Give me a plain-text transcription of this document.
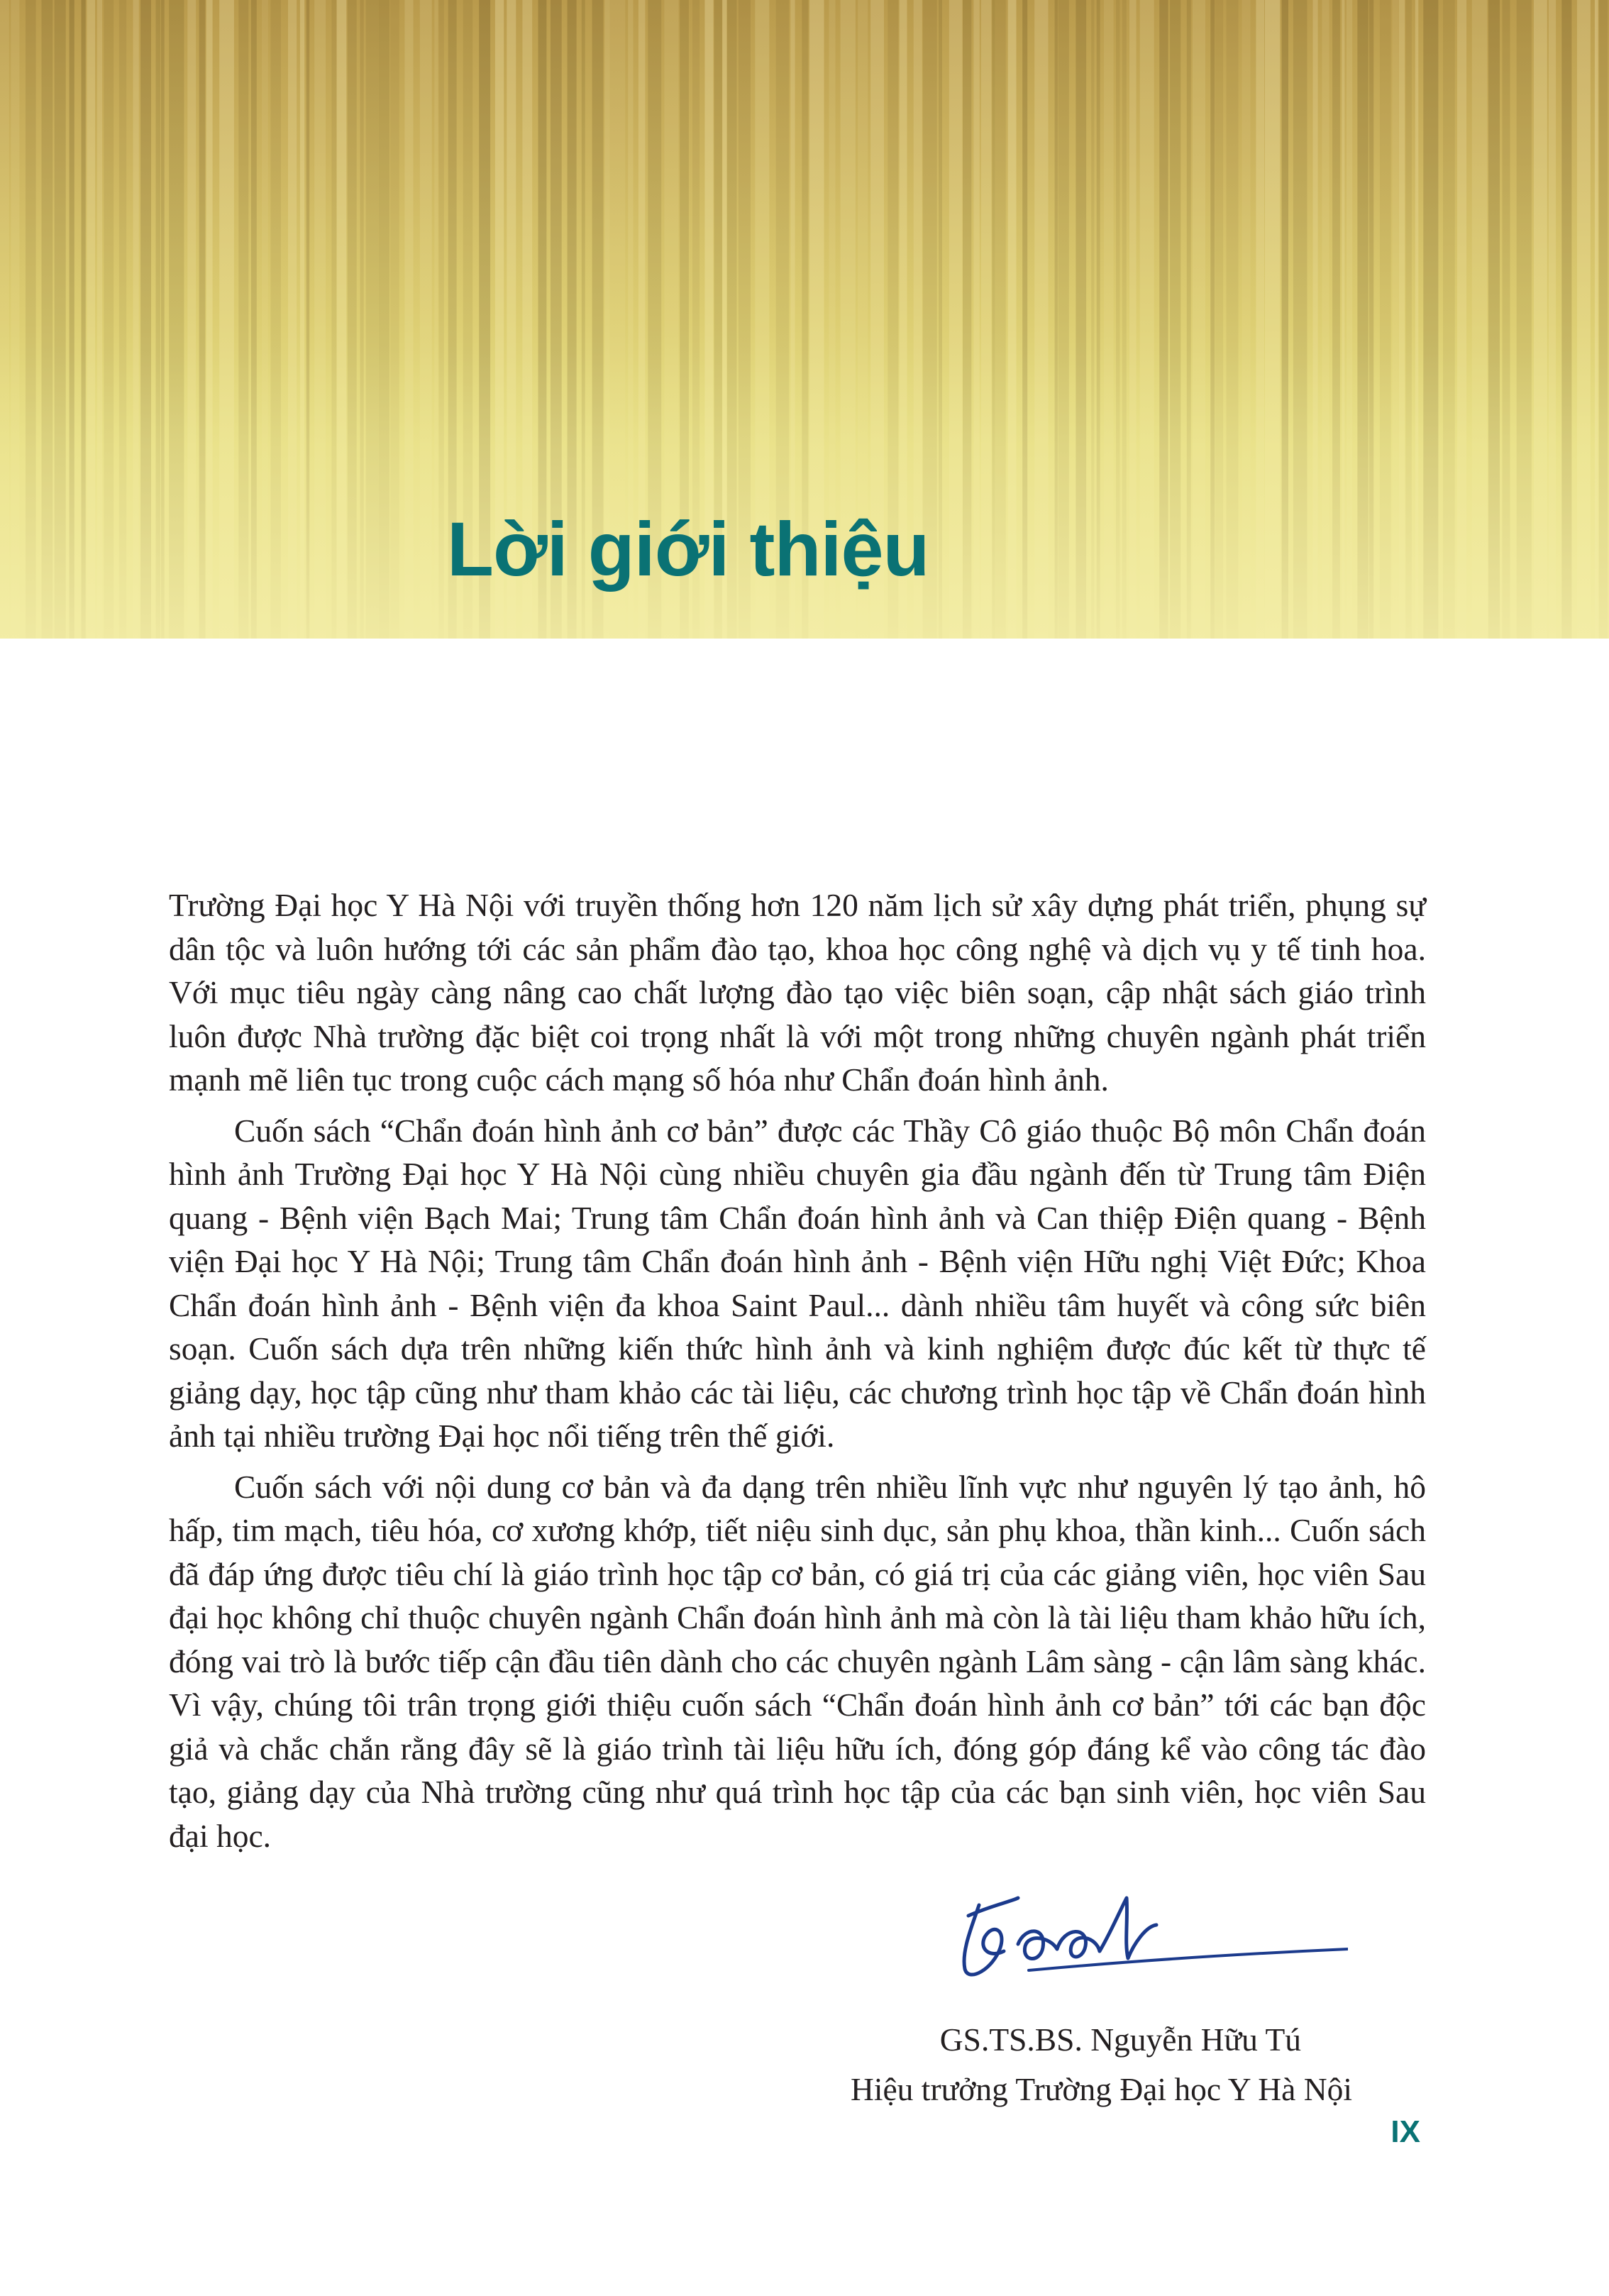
Lời giới thiệu

Trường Đại học Y Hà Nội với truyền thống hơn 120 năm lịch sử xây dựng phát triển, phụng sự dân tộc và luôn hướng tới các sản phẩm đào tạo, khoa học công nghệ và dịch vụ y tế tinh hoa. Với mục tiêu ngày càng nâng cao chất lượng đào tạo việc biên soạn, cập nhật sách giáo trình luôn được Nhà trường đặc biệt coi trọng nhất là với một trong những chuyên ngành phát triển mạnh mẽ liên tục trong cuộc cách mạng số hóa như Chẩn đoán hình ảnh.

Cuốn sách “Chẩn đoán hình ảnh cơ bản” được các Thầy Cô giáo thuộc Bộ môn Chẩn đoán hình ảnh Trường Đại học Y Hà Nội cùng nhiều chuyên gia đầu ngành đến từ Trung tâm Điện quang - Bệnh viện Bạch Mai; Trung tâm Chẩn đoán hình ảnh và Can thiệp Điện quang - Bệnh viện Đại học Y Hà Nội; Trung tâm Chẩn đoán hình ảnh - Bệnh viện Hữu nghị Việt Đức; Khoa Chẩn đoán hình ảnh - Bệnh viện đa khoa Saint Paul... dành nhiều tâm huyết và công sức biên soạn. Cuốn sách dựa trên những kiến thức hình ảnh và kinh nghiệm được đúc kết từ thực tế giảng dạy, học tập cũng như tham khảo các tài liệu, các chương trình học tập về Chẩn đoán hình ảnh tại nhiều trường Đại học nổi tiếng trên thế giới.

Cuốn sách với nội dung cơ bản và đa dạng trên nhiều lĩnh vực như nguyên lý tạo ảnh, hô hấp, tim mạch, tiêu hóa, cơ xương khớp, tiết niệu sinh dục, sản phụ khoa, thần kinh... Cuốn sách đã đáp ứng được tiêu chí là giáo trình học tập cơ bản, có giá trị của các giảng viên, học viên Sau đại học không chỉ thuộc chuyên ngành Chẩn đoán hình ảnh mà còn là tài liệu tham khảo hữu ích, đóng vai trò là bước tiếp cận đầu tiên dành cho các chuyên ngành Lâm sàng - cận lâm sàng khác. Vì vậy, chúng tôi trân trọng giới thiệu cuốn sách “Chẩn đoán hình ảnh cơ bản” tới các bạn độc giả và chắc chắn rằng đây sẽ là giáo trình tài liệu hữu ích, đóng góp đáng kể vào công tác đào tạo, giảng dạy của Nhà trường cũng như quá trình học tập của các bạn sinh viên, học viên Sau đại học.

GS.TS.BS. Nguyễn Hữu Tú
Hiệu trưởng Trường Đại học Y Hà Nội
IX
